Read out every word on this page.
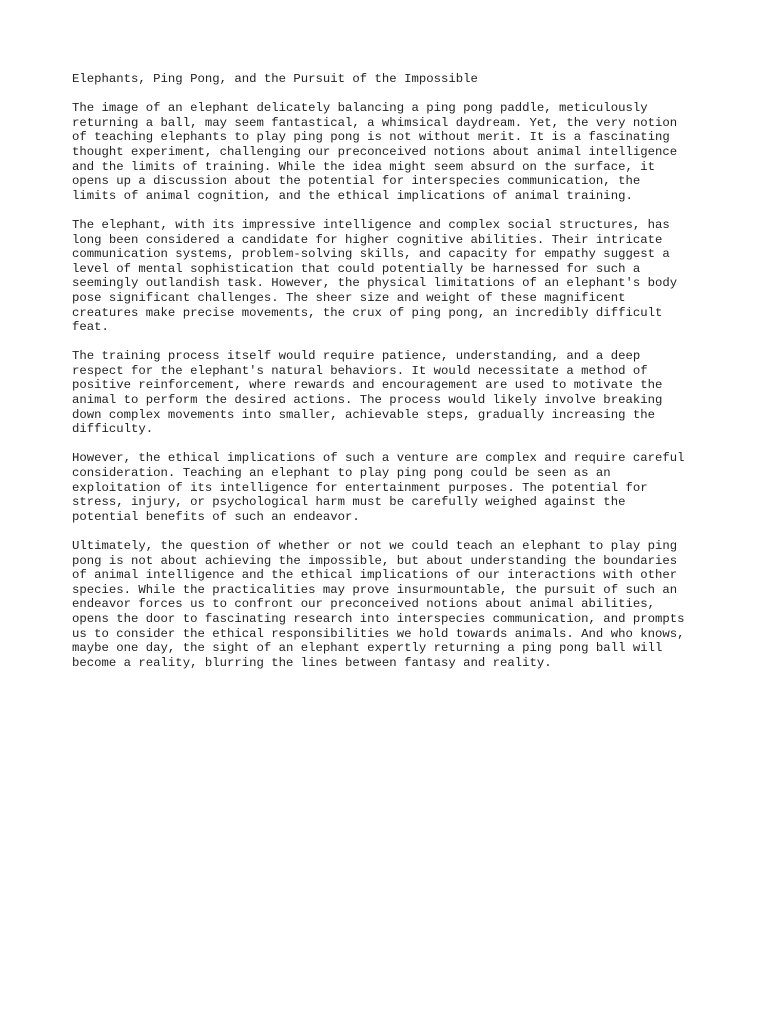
Elephants, Ping Pong, and the Pursuit of the Impossible
The image of an elephant delicately balancing a ping pong paddle, meticulously
returning a ball, may seem fantastical, a whimsical daydream. Yet, the very notion
of teaching elephants to play ping pong is not without merit. It is a fascinating
thought experiment, challenging our preconceived notions about animal intelligence
and the limits of training. While the idea might seem absurd on the surface, it
opens up a discussion about the potential for interspecies communication, the
limits of animal cognition, and the ethical implications of animal training.
The elephant, with its impressive intelligence and complex social structures, has
long been considered a candidate for higher cognitive abilities. Their intricate
communication systems, problem-solving skills, and capacity for empathy suggest a
level of mental sophistication that could potentially be harnessed for such a
seemingly outlandish task. However, the physical limitations of an elephant's body
pose significant challenges. The sheer size and weight of these magnificent
creatures make precise movements, the crux of ping pong, an incredibly difficult
feat.
The training process itself would require patience, understanding, and a deep
respect for the elephant's natural behaviors. It would necessitate a method of
positive reinforcement, where rewards and encouragement are used to motivate the
animal to perform the desired actions. The process would likely involve breaking
down complex movements into smaller, achievable steps, gradually increasing the
difficulty.
However, the ethical implications of such a venture are complex and require careful
consideration. Teaching an elephant to play ping pong could be seen as an
exploitation of its intelligence for entertainment purposes. The potential for
stress, injury, or psychological harm must be carefully weighed against the
potential benefits of such an endeavor.
Ultimately, the question of whether or not we could teach an elephant to play ping
pong is not about achieving the impossible, but about understanding the boundaries
of animal intelligence and the ethical implications of our interactions with other
species. While the practicalities may prove insurmountable, the pursuit of such an
endeavor forces us to confront our preconceived notions about animal abilities,
opens the door to fascinating research into interspecies communication, and prompts
us to consider the ethical responsibilities we hold towards animals. And who knows,
maybe one day, the sight of an elephant expertly returning a ping pong ball will
become a reality, blurring the lines between fantasy and reality.
